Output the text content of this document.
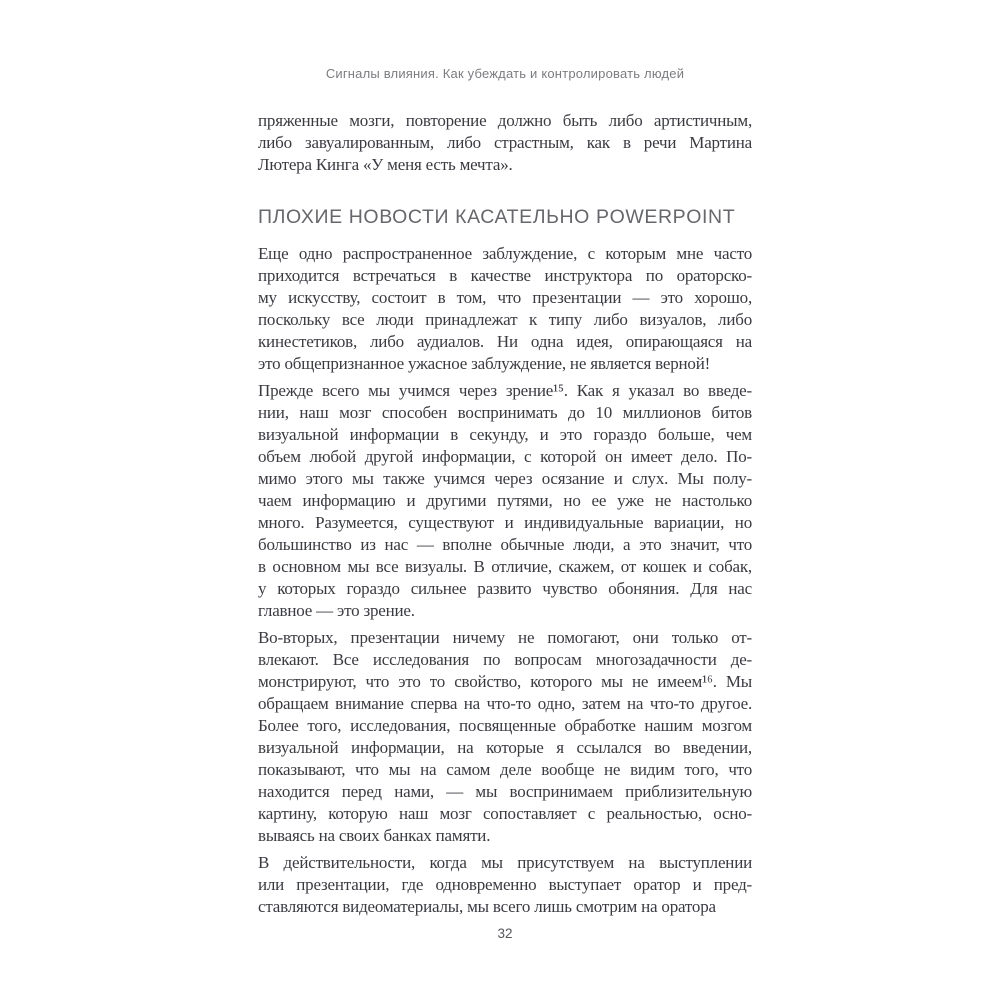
Сигналы влияния. Как убеждать и контролировать людей
пряженные мозги, повторение должно быть либо артистичным,
либо завуалированным, либо страстным, как в речи Мартина
Лютера Кинга «У меня есть мечта».
ПЛОХИЕ НОВОСТИ КАСАТЕЛЬНО POWERPOINT
Еще одно распространенное заблуждение, с которым мне часто
приходится встречаться в качестве инструктора по ораторско-
му искусству, состоит в том, что презентации — это хорошо,
поскольку все люди принадлежат к типу либо визуалов, либо
кинестетиков, либо аудиалов. Ни одна идея, опирающаяся на
это общепризнанное ужасное заблуждение, не является верной!
Прежде всего мы учимся через зрение¹⁵. Как я указал во введе-
нии, наш мозг способен воспринимать до 10 миллионов битов
визуальной информации в секунду, и это гораздо больше, чем
объем любой другой информации, с которой он имеет дело. По-
мимо этого мы также учимся через осязание и слух. Мы полу-
чаем информацию и другими путями, но ее уже не настолько
много. Разумеется, существуют и индивидуальные вариации, но
большинство из нас — вполне обычные люди, а это значит, что
в основном мы все визуалы. В отличие, скажем, от кошек и собак,
у которых гораздо сильнее развито чувство обоняния. Для нас
главное — это зрение.
Во-вторых, презентации ничему не помогают, они только от-
влекают. Все исследования по вопросам многозадачности де-
монстрируют, что это то свойство, которого мы не имеем¹⁶. Мы
обращаем внимание сперва на что-то одно, затем на что-то другое.
Более того, исследования, посвященные обработке нашим мозгом
визуальной информации, на которые я ссылался во введении,
показывают, что мы на самом деле вообще не видим того, что
находится перед нами, — мы воспринимаем приблизительную
картину, которую наш мозг сопоставляет с реальностью, осно-
вываясь на своих банках памяти.
В действительности, когда мы присутствуем на выступлении
или презентации, где одновременно выступает оратор и пред-
ставляются видеоматериалы, мы всего лишь смотрим на оратора
32
